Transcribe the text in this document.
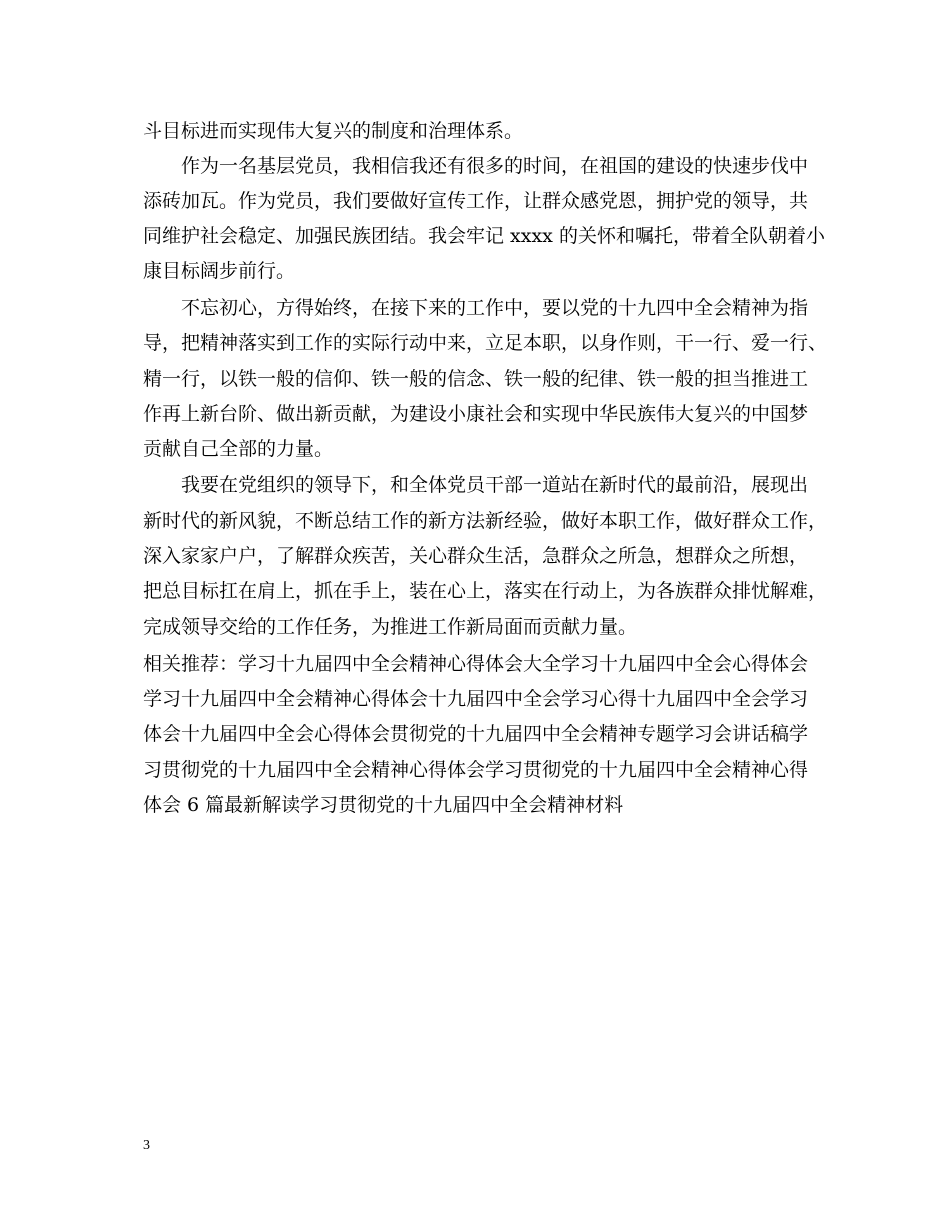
斗目标进而实现伟大复兴的制度和治理体系。
作为一名基层党员，我相信我还有很多的时间，在祖国的建设的快速步伐中
添砖加瓦。作为党员，我们要做好宣传工作，让群众感党恩，拥护党的领导，共
同维护社会稳定、加强民族团结。我会牢记 xxxx 的关怀和嘱托，带着全队朝着小
康目标阔步前行。
不忘初心，方得始终，在接下来的工作中，要以党的十九四中全会精神为指
导，把精神落实到工作的实际行动中来，立足本职，以身作则，干一行、爱一行、
精一行，以铁一般的信仰、铁一般的信念、铁一般的纪律、铁一般的担当推进工
作再上新台阶、做出新贡献，为建设小康社会和实现中华民族伟大复兴的中国梦
贡献自己全部的力量。
我要在党组织的领导下，和全体党员干部一道站在新时代的最前沿，展现出
新时代的新风貌，不断总结工作的新方法新经验，做好本职工作，做好群众工作，
深入家家户户，了解群众疾苦，关心群众生活，急群众之所急，想群众之所想，
把总目标扛在肩上，抓在手上，装在心上，落实在行动上，为各族群众排忧解难，
完成领导交给的工作任务，为推进工作新局面而贡献力量。
相关推荐：学习十九届四中全会精神心得体会大全学习十九届四中全会心得体会
学习十九届四中全会精神心得体会十九届四中全会学习心得十九届四中全会学习
体会十九届四中全会心得体会贯彻党的十九届四中全会精神专题学习会讲话稿学
习贯彻党的十九届四中全会精神心得体会学习贯彻党的十九届四中全会精神心得
体会 6 篇最新解读学习贯彻党的十九届四中全会精神材料
3
